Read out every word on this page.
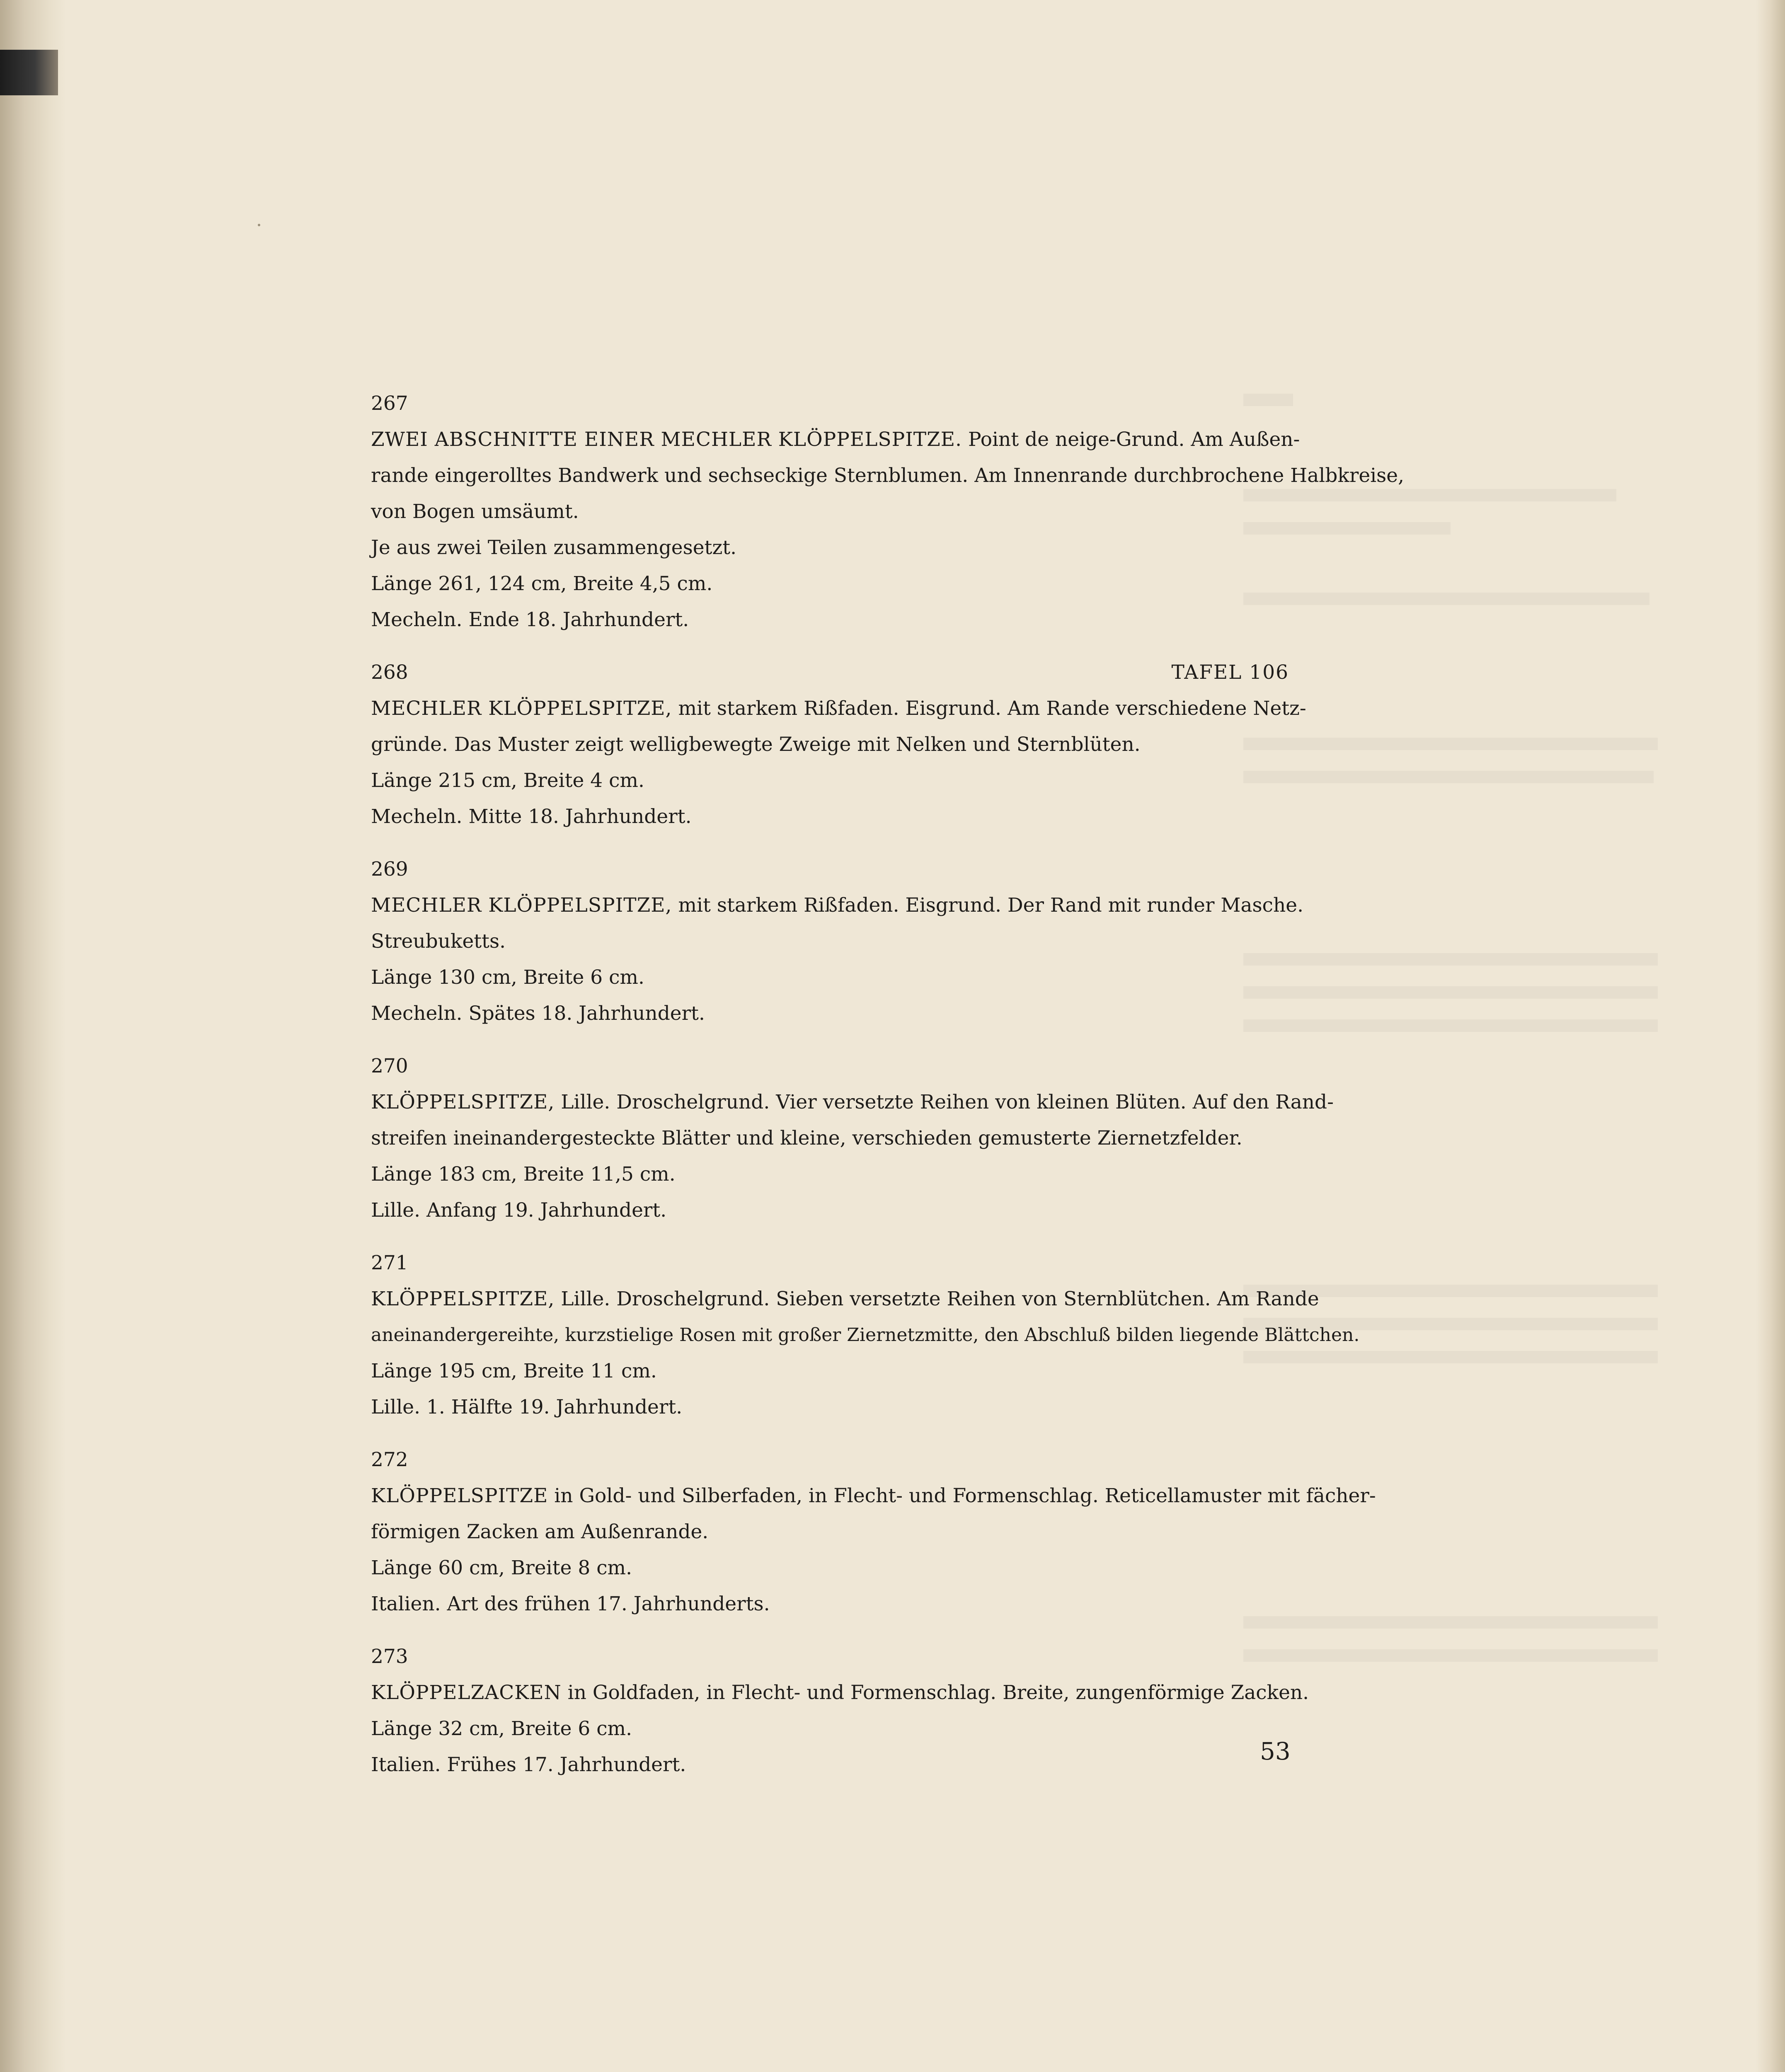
267
ZWEI ABSCHNITTE EINER MECHLER KLÖPPELSPITZE. Point de neige-Grund. Am Außen-
rande eingerolltes Bandwerk und sechseckige Sternblumen. Am Innenrande durchbrochene Halbkreise,
von Bogen umsäumt.
Je aus zwei Teilen zusammengesetzt.
Länge 261, 124 cm, Breite 4,5 cm.
Mecheln. Ende 18. Jahrhundert.
268	TAFEL 106
MECHLER KLÖPPELSPITZE, mit starkem Rißfaden. Eisgrund. Am Rande verschiedene Netz-
gründe. Das Muster zeigt welligbewegte Zweige mit Nelken und Sternblüten.
Länge 215 cm, Breite 4 cm.
Mecheln. Mitte 18. Jahrhundert.
269
MECHLER KLÖPPELSPITZE, mit starkem Rißfaden. Eisgrund. Der Rand mit runder Masche.
Streubuketts.
Länge 130 cm, Breite 6 cm.
Mecheln. Spätes 18. Jahrhundert.
270
KLÖPPELSPITZE, Lille. Droschelgrund. Vier versetzte Reihen von kleinen Blüten. Auf den Rand-
streifen ineinandergesteckte Blätter und kleine, verschieden gemusterte Ziernetzfelder.
Länge 183 cm, Breite 11,5 cm.
Lille. Anfang 19. Jahrhundert.
271
KLÖPPELSPITZE, Lille. Droschelgrund. Sieben versetzte Reihen von Sternblütchen. Am Rande
aneinandergereihte, kurzstielige Rosen mit großer Ziernetzmitte, den Abschluß bilden liegende Blättchen.
Länge 195 cm, Breite 11 cm.
Lille. 1. Hälfte 19. Jahrhundert.
272
KLÖPPELSPITZE in Gold- und Silberfaden, in Flecht- und Formenschlag. Reticellamuster mit fächer-
förmigen Zacken am Außenrande.
Länge 60 cm, Breite 8 cm.
Italien. Art des frühen 17. Jahrhunderts.
273
KLÖPPELZACKEN in Goldfaden, in Flecht- und Formenschlag. Breite, zungenförmige Zacken.
Länge 32 cm, Breite 6 cm.
Italien. Frühes 17. Jahrhundert.	53
